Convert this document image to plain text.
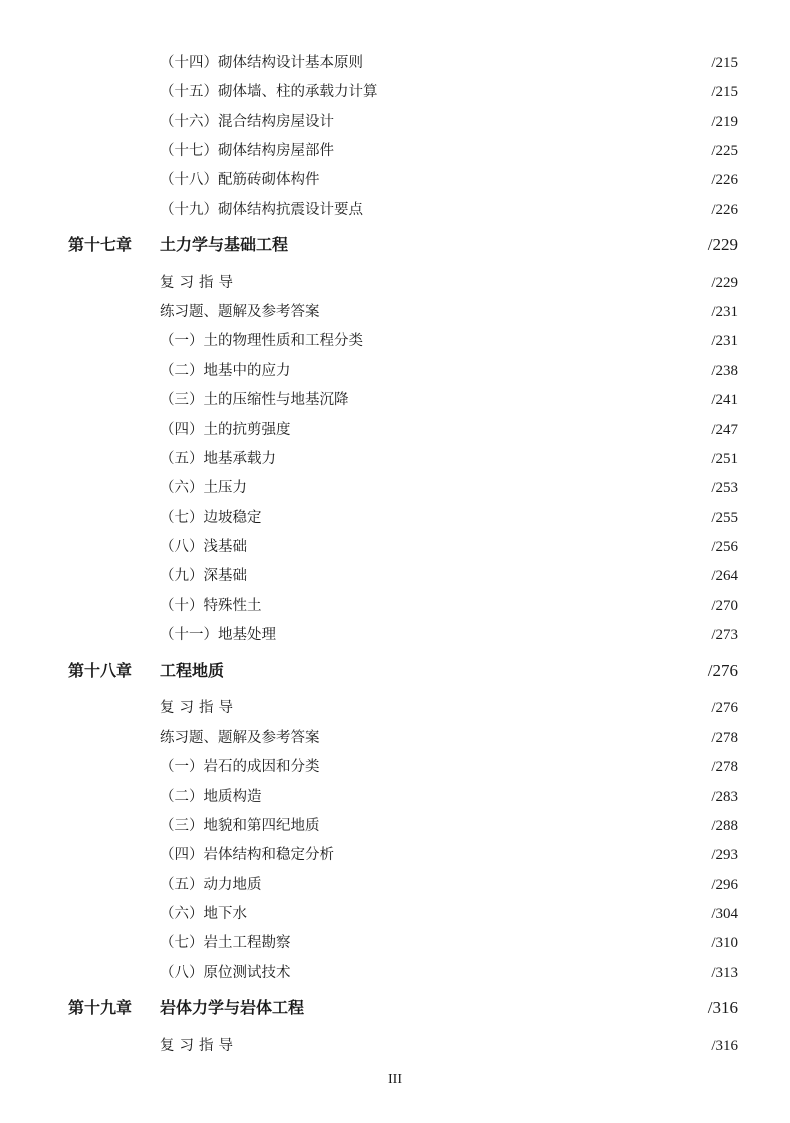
（十四）砌体结构设计基本原则	/215
（十五）砌体墙、柱的承载力计算	/215
（十六）混合结构房屋设计	/219
（十七）砌体结构房屋部件	/225
（十八）配筋砖砌体构件	/226
（十九）砌体结构抗震设计要点	/226
第十七章 土力学与基础工程	/229
复习指导	/229
练习题、题解及参考答案	/231
（一）土的物理性质和工程分类	/231
（二）地基中的应力	/238
（三）土的压缩性与地基沉降	/241
（四）土的抗剪强度	/247
（五）地基承载力	/251
（六）土压力	/253
（七）边坡稳定	/255
（八）浅基础	/256
（九）深基础	/264
（十）特殊性土	/270
（十一）地基处理	/273
第十八章 工程地质	/276
复习指导	/276
练习题、题解及参考答案	/278
（一）岩石的成因和分类	/278
（二）地质构造	/283
（三）地貌和第四纪地质	/288
（四）岩体结构和稳定分析	/293
（五）动力地质	/296
（六）地下水	/304
（七）岩土工程勘察	/310
（八）原位测试技术	/313
第十九章 岩体力学与岩体工程	/316
复习指导	/316
III
